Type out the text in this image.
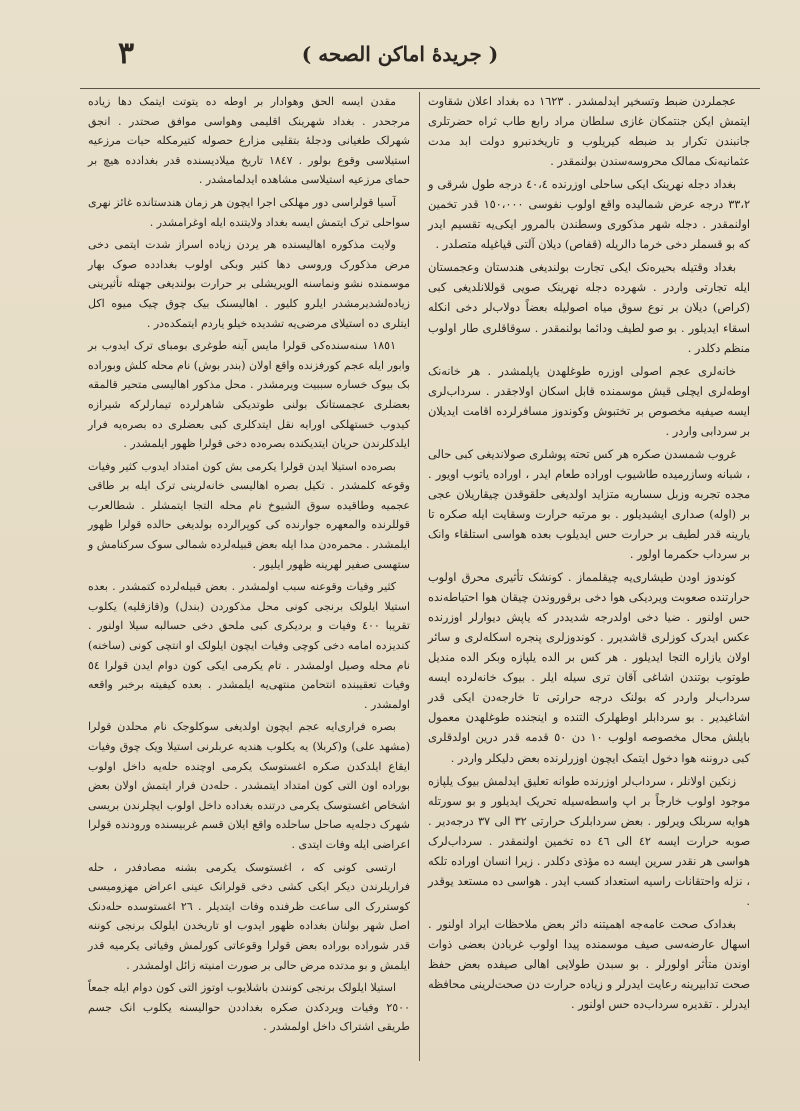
٣	( جریدهٔ اماکن الصحه )

عجملردن ضبط وتسخیر ایدلمشدر . ١٦٢٣ ده بغداد اعلان شقاوت ایتمش ایکن جنتمکان غازی سلطان مراد رابع طاب ثراه حضرتلری جانبندن تکرار بد ضبطه کیریلوب و تاریخدنبرو دولت ابد مدت عثمانیه‌نک ممالک محروسه‌سندن بولنمقدر .

بغداد دجله نهرینک ایکی ساحلی اوزرنده ٤٠،٤ درجه طول شرقی و ٣٣،٢ درجه عرض شمالیده واقع اولوب نفوسی ١٥٠،٠٠٠ قدر تخمین اولنمقدر . دجله شهر مذکوری وسطندن بالمرور ایکی‌یه تقسیم ایدر که بو قسملر دخی خرما دالریله (قفاص) دیلان آلتی قیاغیله متصلدر .

بغداد وقتیله بحیره‌نک ایکی تجارت بولندیغی هندستان وعجمستان ایله تجارتی واردر . شهرده دجله نهرینک صویی قوللانلدیغی کبی (کراص) دیلان بر نوع سوق میاه اصولیله بعضاً دولاب‌لر دخی انکله اسقاء ایدیلور . بو صو لطیف ودائما بولنمقدر . سوقاقلری طار اولوب منظم دکلدر .

خانه‌لری عجم اصولی اوزره طوغلهدن یاپلمشدر . هر خانه‌نک اوطه‌لری ایچلی قیش موسمنده قابل اسکان اولاجقدر . سرداب‌لری ایسه صیفیه مخصوص بر تختبوش وکوندوز مسافرلرده اقامت ایدیلان بر سردابی واردر .

غروب شمسدن صکره هر کس تحته پوشلری صولاندیغی کبی حالی ، شبانه وسازرمیده طاشیوب اوراده طعام ایدر ، اوراده یاتوب اویور . مجده تجربه وزبل سساریه متزاید اولدیغی حلقوقدن چیقاریلان عجی بر (اوله) صداری ایشیدیلور . بو مرتبه حرارت وسقایت ایله صکره تا یارینه قدر لطیف بر حرارت حس ایدیلوب بعده هواسی استلقاء وانک بر سرداب حکمرما اولور .

کوندوز اودن طیشاری‌یه چیقلمماز . کونشک تأثیری محرق اولوب حرارتنده صعوبت ویردیکی هوا دخی برقوروندن چیقان هوا احتیاطه‌نده حس اولنور . ضیا دخی اولدرجه شدیددر که یاپش دیوارلر اوزرنده عکس ایدرک کوزلری قاشدیرر . کوندوزلری پنجره اسکله‌لری و سائر اولان یازاره التجا ایدیلور . هر کس بر الده یلپازه وبکر الده مندیل طوتوب بوتندن اشاغی آقان تری سیله ایلر . بیوک خانه‌لرده ایسه سرداب‌لر واردر که بولنک درجه حرارتی تا خارجه‌دن ایکی قدر اشاغیدیر . بو سردابلر اوطهلرک التنده و اینجنده طوغلهدن معمول بایلش محال مخصوصه اولوب ١٠ دن ٥٠ قدمه قدر درین اولدقلری کبی دروننه هوا دخول ایتمک ایچون اوزرلرنده بعض دلیکلر واردر .

زنکین اولانلر ، سرداب‌لر اوزرنده طوانه تعلیق ایدلمش بیوک یلپازه موجود اولوب خارجاً بر اپ واسطه‌سیله تحریک ایدیلور و بو سورتله هوایه سربلک ویرلور . بعض سردابلرک حرارتی ٣٢ الی ٣٧ درجه‌دیر . صوبه حرارت ایسه ٤٢ الی ٤٦ ده تخمین اولنمقدر . سرداب‌لرک هواسی هر نقدر سرین ایسه ده مؤذی دکلدر . زیرا انسان اوراده تلکه ، نزله واحتقانات راسیه استعداد کسب ایدر . هواسی ده مستعد یوقدر .

بغدادک صحت عامه‌جه اهمیتنه دائر بعض ملاحظات ایراد اولنور . اسهال عارضه‌سی صیف موسمنده پیدا اولوب غربادن بعضی ذوات اوندن متأثر اولورلر . بو سبدن طولایی اهالی صیفده بعض حفظ صحت تدابیرینه رعایت ایدرلر و زیاده حرارت دن صحت‌لرینی محافظه ایدرلر . تقدیره سرداب‌ده حس اولنور .

مقدن ایسه الحق وهوادار بر اوطه ده یتوتت ایتمک دها زیاده مرجحدر . بغداد شهرینک اقلیمی وهواسی موافق صحتدر . انجق شهرلک طغیانی ودجلهٔ بتقلیی مزارع حصوله کتیرمکله حیات مرزعیه استیلاسی وقوع بولور . ١٨٤٧ تاریخ میلادیسنده قدر بغدادده هیچ بر حمای مرزعیه استیلاسی مشاهده ایدلمامشدر .

آسیا قولراسی دور مهلکی اجرا ایچون هر زمان هندستانده غائز نهری سواحلی ترک ایتمش ایسه بغداد ولایتنده ایله اوغرامشدر .

ولایت مذکوره اهالیسنده هر یردن زیاده اسراز شدت ایتمی دخی مرض مذکورک وروسی دها کثیر وبکی اولوب بغدادده صوک بهار موسمنده نشو ونماسنه الویریشلی بر حرارت بولندیغی جهتله تأثیرینی زیاده‌لشدیرمشدر ایلرو کلیور . اهالیسنک بیک چوق چیک میوه اکل ایتلری ده استیلای مرضی‌یه تشدیده خیلو یاردم ایتمکده‌در .

١٨٥١ سنه‌سنده‌کی قولرا مایس آینه طوغری بومبای ترک ایدوب بر وابور ایله عجم کورفزنده واقع اولان (بندر بوش) نام محله کلش وبوراده بک بیوک خساره سببیت ویرمشدر . محل مذکور اهالیسی متحیر قالمقه بعضلری عجمستانک بولنی طوتدیکی شاهرلرده تیمارلرکه شیرازه کیدوب خستهلکی اورایه نقل ایتدکلری کبی بعضلری ده بصره‌یه فرار ایلدکلرندن حریان ایتدیکنده بصره‌ده دخی قولرا ظهور ایلمشدر .

بصره‌ده استیلا ایدن قولرا یکرمی بش کون امتداد ایدوب کثیر وفیات وقوعه کلمشدر . تکیل بصره اهالیسی خانه‌لرینی ترک ایله بر طاقی عجمیه وطاقیده سوق الشیوخ نام محله التجا ایتمشلر . شطالعرب قوللرنده والمعهره جوارنده کی کوپرالرده بولدیغی حالده قولرا ظهور ایلمشدر . محمره‌دن مدا ایله بعض قبیله‌لرده شمالی سوک سرکنامش و ستهسی صفیر لهرینه ظهور ایلیور .

کثیر وفیات وقوعنه سبب اولمشدر . بعض قبیله‌لرده کتمشدر . بعده استیلا ایلولک برنجی کونی محل مذکوردن (بندل) و(قازقلیه) یکلوب تقریبا ٤٠٠ وفیات و بردیکری کبی ملحق دخی حسالبه سیلا اولنور . کندیزده امامه دخی کوچی وفیات ایچون ایلولک او انتچی کونی (ساخنه) نام محله وصیل اولمشدر . تام یکرمی ایکی کون دوام ایدن قولرا ٥٤ وفیات تعقیبنده انتحامن منتهی‌یه ایلمشدر . بعده کیفیته برخبر واقعه اولمشدر .

بصره فراری‌ایه عجم ایچون اولدیغی سوکلوجک نام محلدن قولرا (مشهد علی) و(کربلا) یه یکلوب هندیه عربلرنی استیلا ویک چوق وفیات ایقاع ایلدکدن صکره اغستوسک یکرمی اوچنده حله‌یه داخل اولوب بوراده اون التی کون امتداد ایتمشدر . حله‌دن فرار ایتمش اولان بعض اشخاص اغستوسک یکرمی درتنده بغداده داخل اولوب ایچلرندن بریسی شهرک دجله‌یه صاحل ساحلده واقع ایلان قسم غربیسنده ورودنده قولرا اعراضی ایله وفات ایتدی .

ارتسی کونی که ، اغستوسک یکرمی بشنه مصادفدر ، حله فراریلرندن دیکر ایکی کشی دخی قولرانک عینی اعراض مهزومیسی کوستررک الی ساعت ظرفنده وفات ایتدیلر . ٢٦ اغستوسده حله‌دنک اصل شهر بولنان بغداده ظهور ایدوب او تاریخدن ایلولک برنجی کوننه قدر شوراده بوراده بعض قولرا وقوعاتی کورلمش وفیاتی یکرمیه قدر ایلمش و بو مدتده مرض حالی بر صورت امنیته زائل اولمشدر .

استیلا ایلولک برنجی کونندن باشلایوب اوتوز التی کون دوام ایله جمعاً ٢٥٠٠ وفیات ویردکدن صکره بغداددن حوالیسنه یکلوب انک جسم طریقی اشتراک داخل اولمشدر .
